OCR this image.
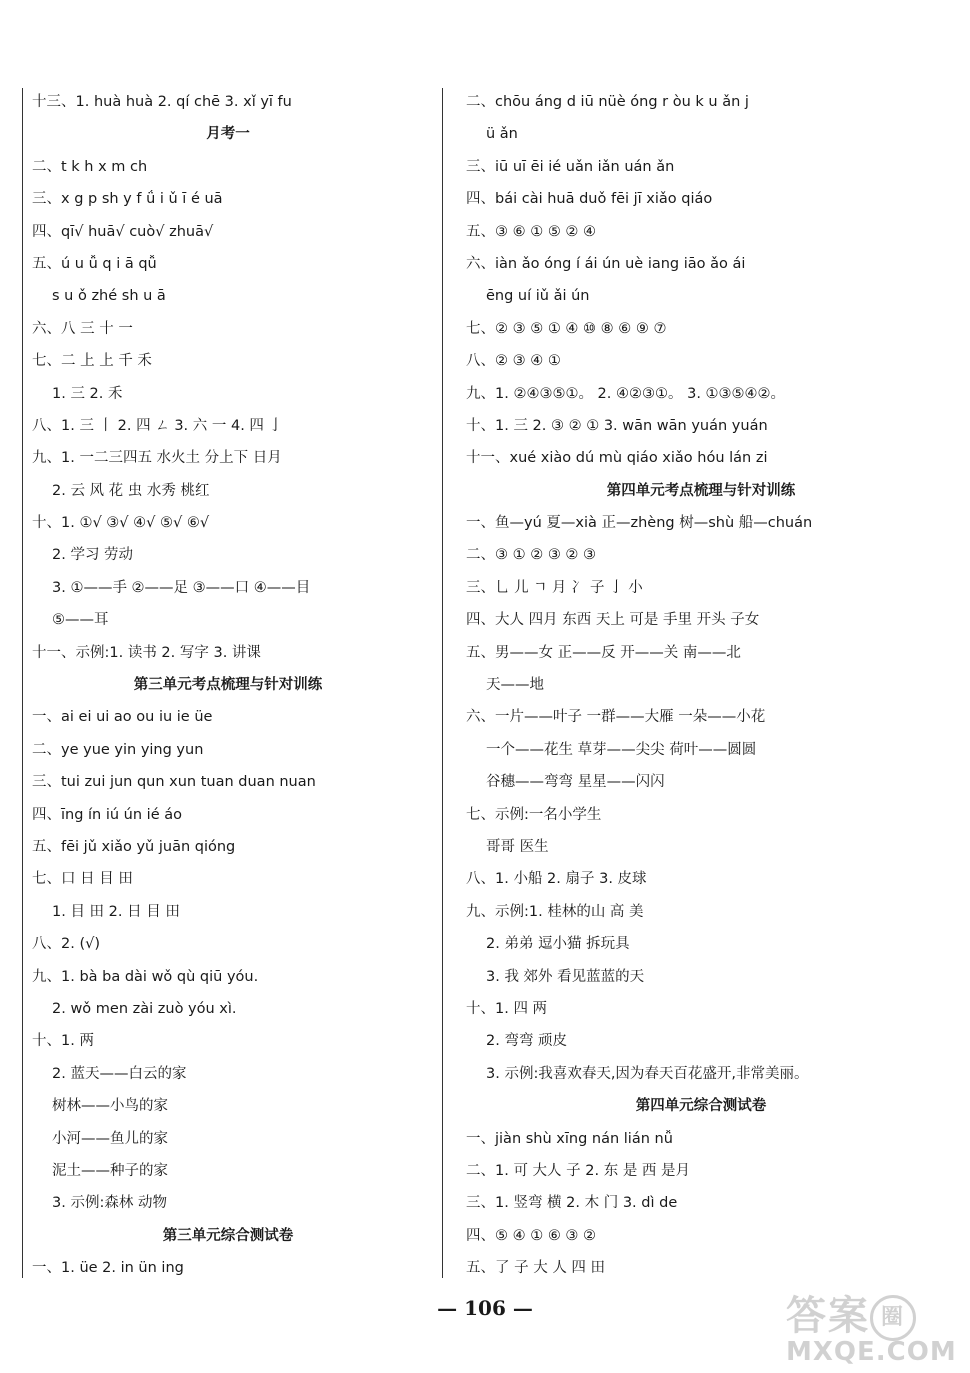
十三、1. huà huà 2. qí chē 3. xǐ yī fu
月考一
二、t k h x m ch
三、x g p sh y f ǘ i ǔ ī é uā
四、qī√ huā√ cuò√ zhuā√
五、ú u ǚ q i ā qǚ
s u ǒ zhé sh u ā
六、八 三 十 一
七、二 上 上 千 禾
1. 三 2. 禾
八、1. 三 丨 2. 四 ㄥ 3. 六 一 4. 四 亅
九、1. 一二三四五 水火土 分上下 日月
2. 云 风 花 虫 水秀 桃红
十、1. ①√ ③√ ④√ ⑤√ ⑥√
2. 学习 劳动
3. ①——手 ②——足 ③——口 ④——目
⑤——耳
十一、示例:1. 读书 2. 写字 3. 讲课
第三单元考点梳理与针对训练
一、ai ei ui ao ou iu ie üe
二、ye yue yin ying yun
三、tui zui jun qun xun tuan duan nuan
四、īng ín iú ún ié áo
五、fēi jǔ xiǎo yǔ juān qióng
七、口 日 目 田
1. 目 田 2. 日 目 田
八、2. (√)
九、1. bà ba dài wǒ qù qiū yóu.
2. wǒ men zài zuò yóu xì.
十、1. 两
2. 蓝天——白云的家
树林——小鸟的家
小河——鱼儿的家
泥土——种子的家
3. 示例:森林 动物
第三单元综合测试卷
一、1. üe 2. in ün ing
二、chōu áng d iū nüè óng r òu k u ǎn j
ü ǎn
三、iū uī ēi ié uǎn iǎn uán ǎn
四、bái cài huā duǒ fēi jī xiǎo qiáo
五、③ ⑥ ① ⑤ ② ④
六、iàn ǎo óng í ái ún uè iang iāo ǎo ái
ēng uí iǔ ǎi ún
七、② ③ ⑤ ① ④ ⑩ ⑧ ⑥ ⑨ ⑦
八、② ③ ④ ①
九、1. ②④③⑤①。 2. ④②③①。 3. ①③⑤④②。
十、1. 三 2. ③ ② ① 3. wān wān yuán yuán
十一、xué xiào dú mù qiáo xiǎo hóu lán zi
第四单元考点梳理与针对训练
一、鱼—yú 夏—xià 正—zhèng 树—shù 船—chuán
二、③ ① ② ③ ② ③
三、乚 儿 ㄱ 月 冫 子 亅 小
四、大人 四月 东西 天上 可是 手里 开头 子女
五、男——女 正——反 开——关 南——北
天——地
六、一片——叶子 一群——大雁 一朵——小花
一个——花生 草芽——尖尖 荷叶——圆圆
谷穗——弯弯 星星——闪闪
七、示例:一名小学生
哥哥 医生
八、1. 小船 2. 扇子 3. 皮球
九、示例:1. 桂林的山 高 美
2. 弟弟 逗小猫 拆玩具
3. 我 郊外 看见蓝蓝的天
十、1. 四 两
2. 弯弯 顽皮
3. 示例:我喜欢春天,因为春天百花盛开,非常美丽。
第四单元综合测试卷
一、jiàn shù xīng nán lián nǚ
二、1. 可 大人 子 2. 东 是 西 是月
三、1. 竖弯 横 2. 木 门 3. dì de
四、⑤ ④ ① ⑥ ③ ②
五、了 子 大 人 四 田
— 106 —	答案 圈
MXQE.COM
